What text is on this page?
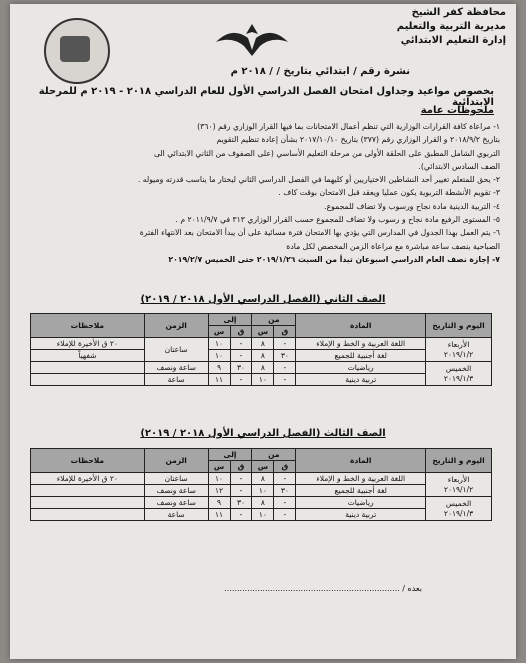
محافظة كفر الشيخ
مديرية التربية والتعليم
إدارة التعليم الابتدائي
نشرة رقم / ابتدائي بتاريخ / / ٢٠١٨ م
بخصوص مواعيد وجداول امتحان الفصل الدراسي الأول للعام الدراسي ٢٠١٨ - ٢٠١٩ م للمرحلة الابتدائية
ملحوظات عامة

١- مراعاة كافة القرارات الوزارية التي تنظم أعمال الامتحانات بما فيها القرار الوزاري رقم (٣٦٠)

بتاريخ ٢٠١٨/٩/٢ و القرار الوزاري رقم (٣٧٧) بتاريخ ٢٠١٧/١٠/١٠ بشأن إعادة تنظيم التقويم

التربوي الشامل المطبق على الحلقة الأولى من مرحلة التعليم الأساسي (على الصفوف من الثاني الابتدائي الى

الصف السادس الابتدائي).

٢- يحق للمتعلم تغيير أحد النشاطين الاختياريين أو كليهما في الفصل الدراسي الثاني ليختار ما يناسب قدرته وميوله .

٣- تقويم الأنشطة التربوية يكون عمليا ويعقد قبل الامتحان بوقت كاف .

٤- التربية الدينية مادة نجاح ورسوب ولا تضاف للمجموع.

٥- المستوى الرفيع مادة نجاح و رسوب ولا تضاف للمجموع حسب القرار الوزاري ٣١٣ في ٢٠١١/٩/٧ م .

٦- يتم العمل بهذا الجدول في المدارس التي يؤدي بها الامتحان فترة مسائية على أن يبدأ الامتحان بعد الانتهاء الفترة

الصباحية بنصف ساعة مباشرة مع مراعاة الزمن المخصص لكل مادة

٧- إجازة نصف العام الدراسي اسبوعان تبدأ من السبت ٢٠١٩/١/٢٦ حتى الخميس ٢٠١٩/٢/٧

الصف الثاني (الفصل الدراسي الأول ٢٠١٨ / ٢٠١٩)
اليوم و التاريخ	المادة	من		إلى		الزمن	ملاحظات
		ق	س	ق	س		

الأربعاء
٢٠١٩/١/٢	اللغة العربية و الخط و الإملاء	-	٨	-	١٠	ساعتان	٢٠ ق الأخيرة للإملاء
	لغة أجنبية للجميع	٣٠	٨	-	١٠		شفهياً

الخميس
٢٠١٩/١/٣	رياضيات	-	٨	٣٠	٩	ساعة ونصف	
	تربية دينية	-	١٠	-	١١	ساعة	
الصف الثالث (الفصل الدراسي الأول ٢٠١٨ / ٢٠١٩)
اليوم و التاريخ	المادة	من		إلى		الزمن	ملاحظات
		ق	س	ق	س		

الأربعاء
٢٠١٩/١/٢	اللغة العربية و الخط و الإملاء	-	٨	-	١٠	ساعتان	٢٠ ق الأخيرة للإملاء
	لغة أجنبية للجميع	٣٠	١٠	-	١٢	ساعة ونصف	

الخميس
٢٠١٩/١/٣	رياضيات	-	٨	٣٠	٩	ساعة ونصف	
	تربية دينية	-	١٠	-	١١	ساعة	
بعده / .....................................................................
